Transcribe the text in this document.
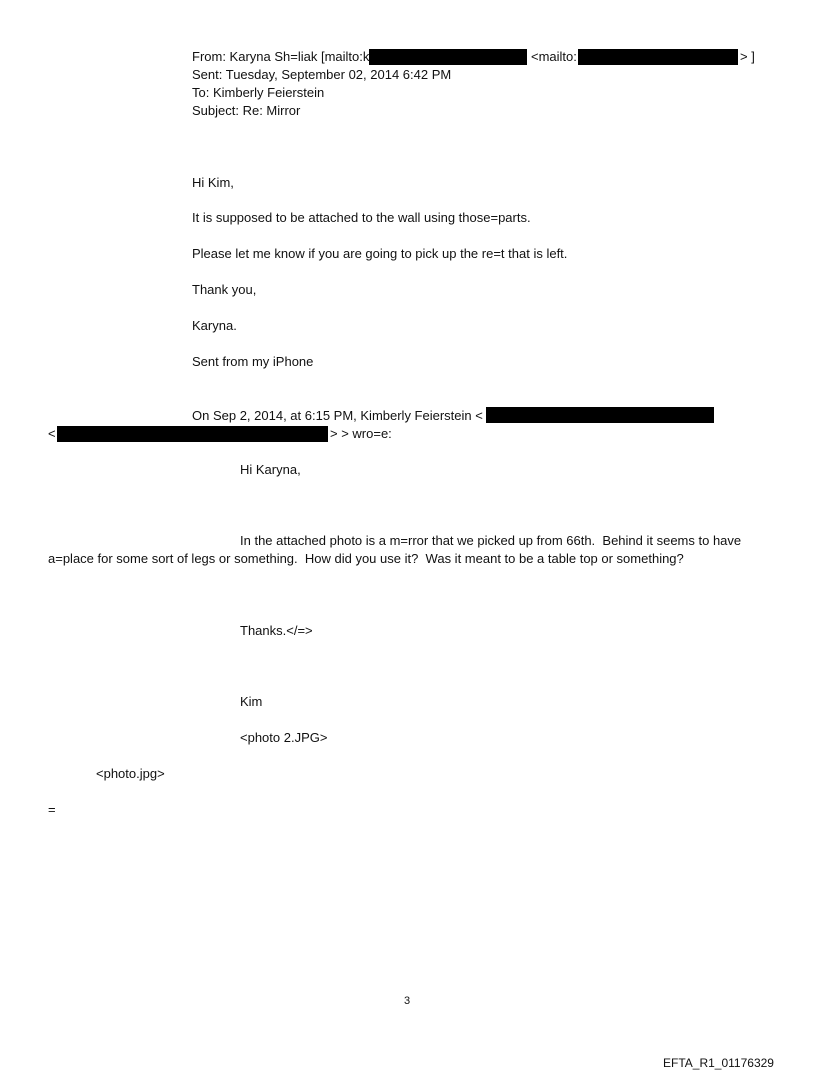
From: Karyna Sh=liak [mailto:k	<mailto:	> ]

Sent: Tuesday, September 02, 2014 6:42 PM

To: Kimberly Feierstein

Subject: Re: Mirror

Hi Kim,

It is supposed to be attached to the wall using those=parts.

Please let me know if you are going to pick up the re=t that is left.

Thank you,

Karyna.

Sent from my iPhone

On Sep 2, 2014, at 6:15 PM, Kimberly Feierstein <

<	> > wro=e:

Hi Karyna,

In the attached photo is a m=rror that we picked up from 66th.  Behind it seems to have

a=place for some sort of legs or something.  How did you use it?  Was it meant to be a table top or something?

Thanks.</=>

Kim

<photo 2.JPG>

<photo.jpg>

=

3
EFTA_R1_01176329
